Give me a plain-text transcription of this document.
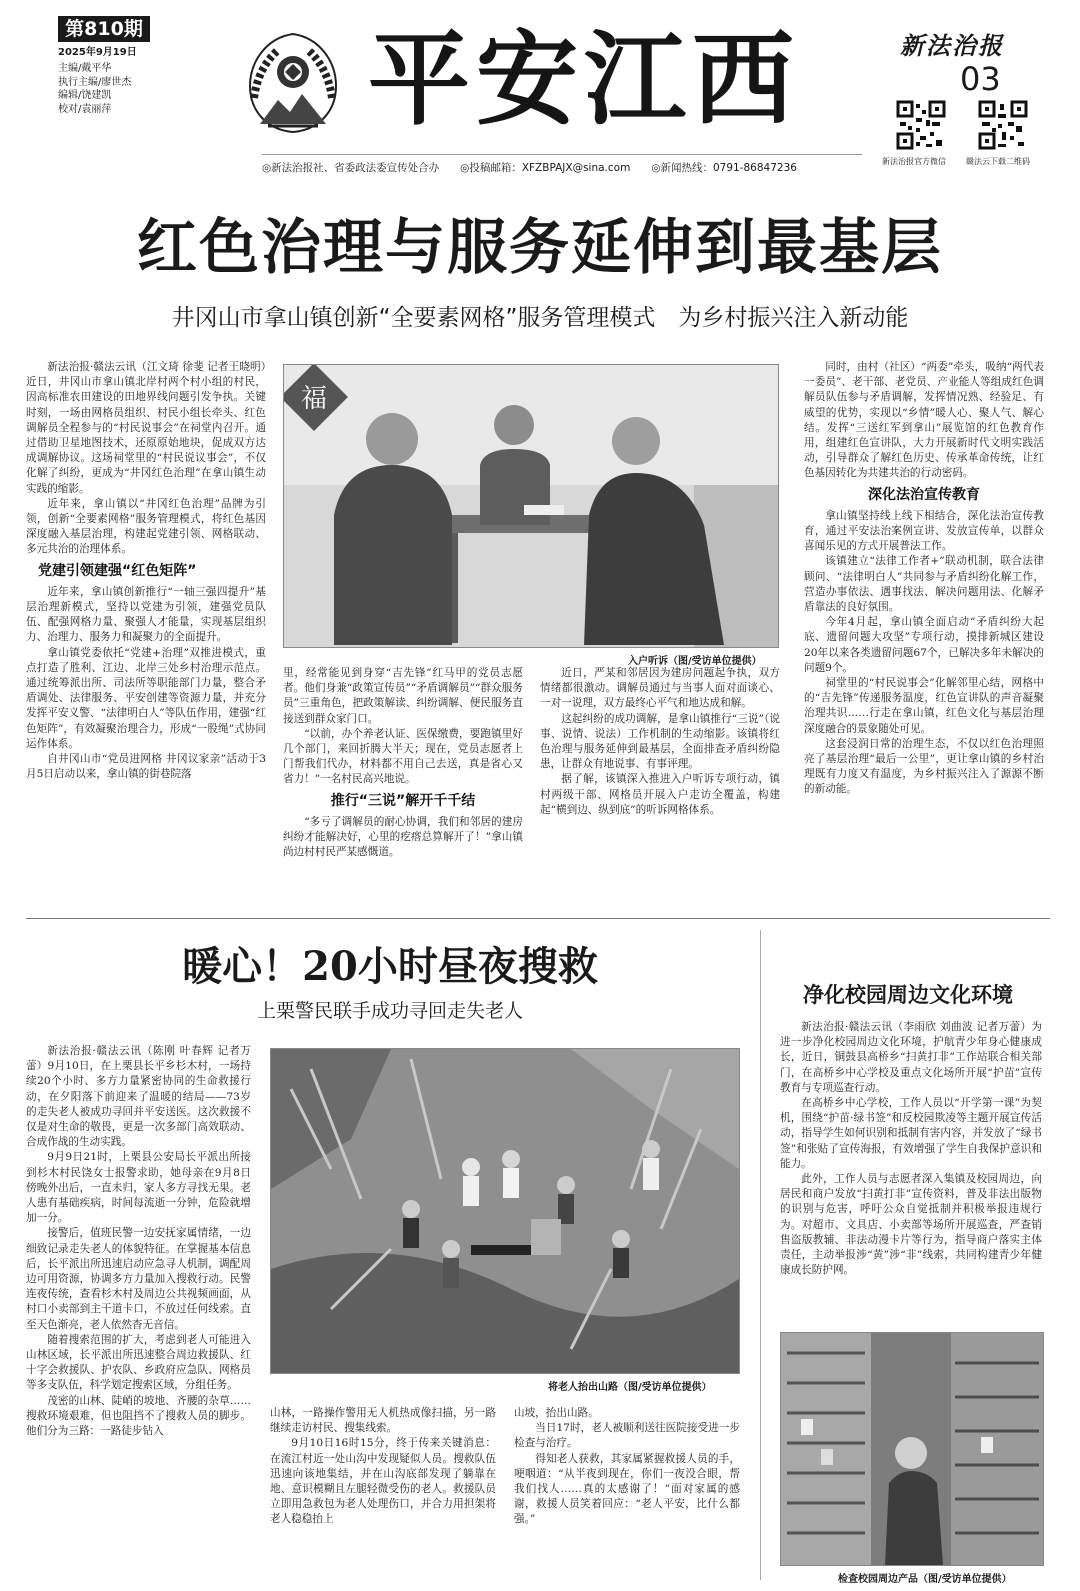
第810期
2025年9月19日
主编/戴平华
执行主编/廖世杰
编辑/饶建凯
校对/袁丽萍	平安江西	新法治报
03
新法治报官方微信	赣法云下载二维码
◎新法治报社、省委政法委宣传处合办　　◎投稿邮箱：XFZBPAJX@sina.com　　◎新闻热线：0791-86847236
红色治理与服务延伸到最基层
井冈山市拿山镇创新“全要素网格”服务管理模式　为乡村振兴注入新动能

新法治报·赣法云讯（江文琦 徐斐 记者王晓明）近日，井冈山市拿山镇北岸村两个村小组的村民，因高标准农田建设的田地界线问题引发争执。关键时刻，一场由网格员组织、村民小组长牵头、红色调解员全程参与的“村民说事会”在祠堂内召开。通过借助卫星地图技术，还原原始地块，促成双方达成调解协议。这场祠堂里的“村民说议事会”，不仅化解了纠纷，更成为“井冈红色治理”在拿山镇生动实践的缩影。

近年来，拿山镇以“井冈红色治理”品牌为引领，创新“全要素网格”服务管理模式，将红色基因深度融入基层治理，构建起党建引领、网格联动、多元共治的治理体系。

党建引领建强“红色矩阵”

近年来，拿山镇创新推行“一轴三强四提升”基层治理新模式，坚持以党建为引领，建强党员队伍、配强网格力量、聚强人才能量，实现基层组织力、治理力、服务力和凝聚力的全面提升。

拿山镇党委依托“党建+治理”双推进模式，重点打造了胜利、江边、北岸三处乡村治理示范点。通过统筹派出所、司法所等职能部门力量，整合矛盾调处、法律服务、平安创建等资源力量，并充分发挥平安义警、“法律明白人”等队伍作用，建强“红色矩阵”，有效凝聚治理合力，形成“一股绳”式协同运作体系。

自井冈山市“党员进网格 井冈议家亲”活动于3月5日启动以来，拿山镇的街巷院落

福
入户听诉（图/受访单位提供）

里，经常能见到身穿“吉先锋”红马甲的党员志愿者。他们身兼“政策宣传员”“矛盾调解员”“群众服务员”三重角色，把政策解读、纠纷调解、便民服务直接送到群众家门口。

“以前，办个养老认证、医保缴费，要跑镇里好几个部门，来回折腾大半天；现在，党员志愿者上门帮我们代办，材料都不用自己去送，真是省心又省力！”一名村民高兴地说。

推行“三说”解开千千结

“多亏了调解员的耐心协调，我们和邻居的建房纠纷才能解决好，心里的疙瘩总算解开了！”拿山镇尚边村村民严某感慨道。

近日，严某和邻居因为建房问题起争执，双方情绪都很激动。调解员通过与当事人面对面谈心、一对一说理，双方最终心平气和地达成和解。

这起纠纷的成功调解，是拿山镇推行“三说”（说事、说情、说法）工作机制的生动缩影。该镇将红色治理与服务延伸到最基层，全面排查矛盾纠纷隐患，让群众有地说事、有事评理。

据了解，该镇深入推进入户听诉专项行动，镇村两级干部、网格员开展入户走访全覆盖，构建起“横到边、纵到底”的听诉网格体系。

同时，由村（社区）“两委”牵头，吸纳“两代表一委员”、老干部、老党员、产业能人等组成红色调解员队伍参与矛盾调解，发挥情况熟、经验足、有威望的优势，实现以“乡情”暖人心、聚人气、解心结。发挥“三送红军到拿山”展览馆的红色教育作用，组建红色宣讲队，大力开展新时代文明实践活动，引导群众了解红色历史、传承革命传统，让红色基因转化为共建共治的行动密码。

深化法治宣传教育

拿山镇坚持线上线下相结合，深化法治宣传教育，通过平安法治案例宣讲、发放宣传单，以群众喜闻乐见的方式开展普法工作。

该镇建立“法律工作者+”联动机制，联合法律顾问、“法律明白人”共同参与矛盾纠纷化解工作，营造办事依法、遇事找法、解决问题用法、化解矛盾靠法的良好氛围。

今年4月起，拿山镇全面启动“矛盾纠纷大起底、遗留问题大攻坚”专项行动，摸排新城区建设20年以来各类遗留问题67个，已解决多年未解决的问题9个。

祠堂里的“村民说事会”化解邻里心结，网格中的“吉先锋”传递服务温度，红色宣讲队的声音凝聚治理共识……行走在拿山镇，红色文化与基层治理深度融合的景象随处可见。

这套浸润日常的治理生态，不仅以红色治理照亮了基层治理“最后一公里”，更让拿山镇的乡村治理既有力度又有温度，为乡村振兴注入了源源不断的新动能。

暖心！20小时昼夜搜救
上栗警民联手成功寻回走失老人

新法治报·赣法云讯（陈刚 叶春辉 记者万蕾）9月10日，在上栗县长平乡杉木村，一场持续20个小时、多方力量紧密协同的生命救援行动，在夕阳落下前迎来了温暖的结局——73岁的走失老人被成功寻回并平安送医。这次救援不仅是对生命的敬畏，更是一次多部门高效联动、合成作战的生动实践。

9月9日21时，上栗县公安局长平派出所接到杉木村民饶女士报警求助，她母亲在9月8日傍晚外出后，一直未归，家人多方寻找无果。老人患有基础疾病，时间每流逝一分钟，危险就增加一分。

接警后，值班民警一边安抚家属情绪，一边细致记录走失老人的体貌特征。在掌握基本信息后，长平派出所迅速启动应急寻人机制，调配周边可用资源，协调多方力量加入搜救行动。民警连夜传统，查看杉木村及周边公共视频画面，从村口小卖部到主干道卡口，不放过任何线索。直至天色渐亮，老人依然杳无音信。

随着搜索范围的扩大，考虑到老人可能进入山林区域，长平派出所迅速整合周边救援队、红十字会救援队、护农队、乡政府应急队、网格员等多支队伍，科学划定搜索区域，分组任务。

茂密的山林、陡峭的坡地、齐腰的杂草……搜救环境艰难，但也阻挡不了搜救人员的脚步。他们分为三路：一路徒步钻入

将老人抬出山路（图/受访单位提供）

山林，一路操作警用无人机热成像扫描，另一路继续走访村民、搜集线索。

9月10日16时15分，终于传来关键消息：在流江村近一处山沟中发现疑似人员。搜救队伍迅速向该地集结，并在山沟底部发现了躺靠在地、意识模糊且左腿轻微受伤的老人。救援队员立即用急救包为老人处理伤口，并合力用担架将老人稳稳抬上

山坡，抬出山路。

当日17时，老人被顺利送往医院接受进一步检查与治疗。

得知老人获救，其家属紧握救援人员的手，哽咽道：“从半夜到现在，你们一夜没合眼，帮我们找人……真的太感谢了！”面对家属的感谢，救援人员笑着回应：“老人平安，比什么都强。”

净化校园周边文化环境

新法治报·赣法云讯（李雨欣 刘曲波 记者万蕾）为进一步净化校园周边文化环境，护航青少年身心健康成长，近日，铜鼓县高桥乡“扫黄打非”工作站联合相关部门，在高桥乡中心学校及重点文化场所开展“护苗”宣传教育与专项巡查行动。

在高桥乡中心学校，工作人员以“开学第一课”为契机，围绕“护苗·绿书签”和反校园欺凌等主题开展宣传活动，指导学生如何识别和抵制有害内容，并发放了“绿书签”和张贴了宣传海报，有效增强了学生自我保护意识和能力。

此外，工作人员与志愿者深入集镇及校园周边，向居民和商户发放“扫黄打非”宣传资料，普及非法出版物的识别与危害，呼吁公众自觉抵制并积极举报违规行为。对超市、文具店、小卖部等场所开展巡查，严查销售盗版教辅、非法动漫卡片等行为，指导商户落实主体责任，主动举报涉“黄”涉“非”线索，共同构建青少年健康成长防护网。

检查校园周边产品（图/受访单位提供）
